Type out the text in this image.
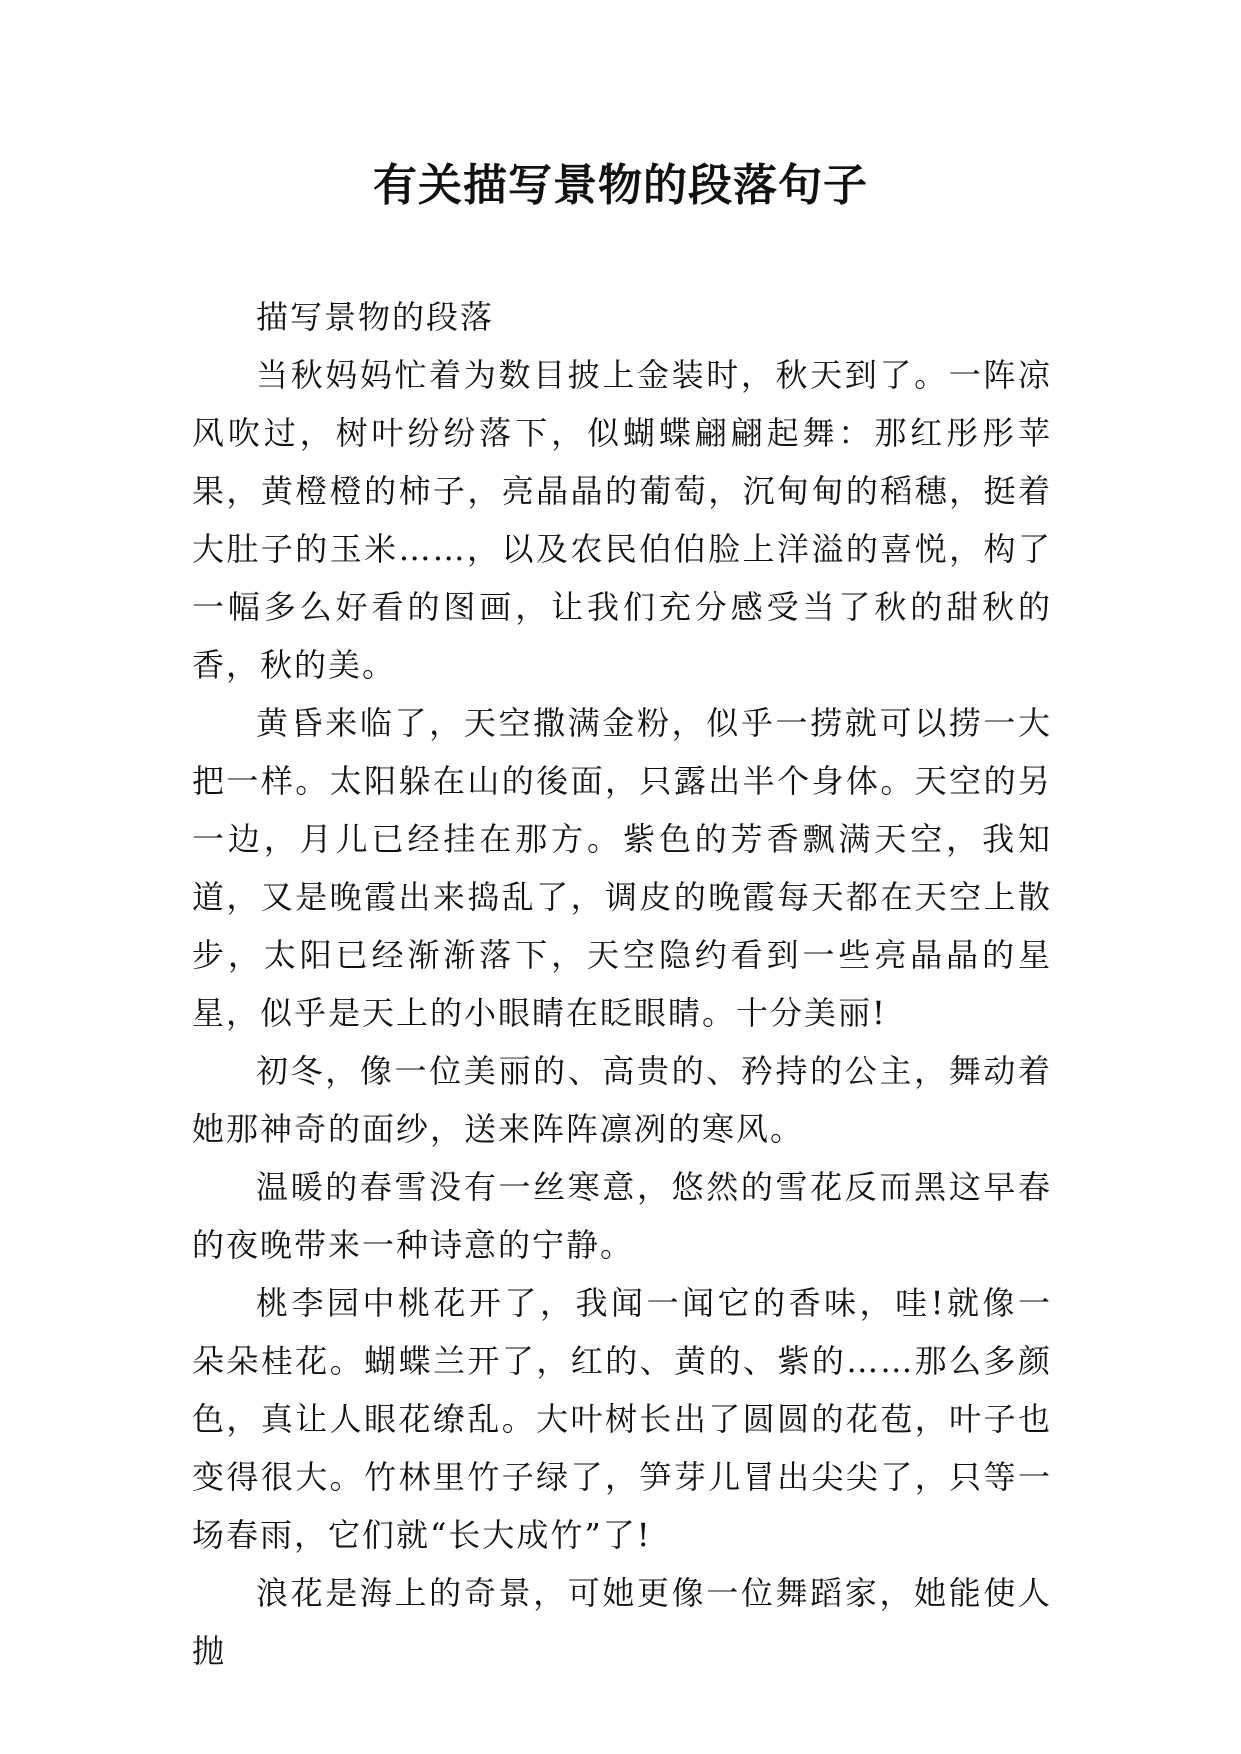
有关描写景物的段落句子

描写景物的段落

当秋妈妈忙着为数目披上金装时，秋天到了。一阵凉风吹过，树叶纷纷落下，似蝴蝶翩翩起舞：那红彤彤苹果，黄橙橙的柿子，亮晶晶的葡萄，沉甸甸的稻穗，挺着大肚子的玉米……，以及农民伯伯脸上洋溢的喜悦，构了一幅多么好看的图画，让我们充分感受当了秋的甜秋的香，秋的美。

黄昏来临了，天空撒满金粉，似乎一捞就可以捞一大把一样。太阳躲在山的後面，只露出半个身体。天空的另一边，月儿已经挂在那方。紫色的芳香飘满天空，我知道，又是晚霞出来捣乱了，调皮的晚霞每天都在天空上散步，太阳已经渐渐落下，天空隐约看到一些亮晶晶的星星，似乎是天上的小眼睛在眨眼睛。十分美丽!

初冬，像一位美丽的、高贵的、矜持的公主，舞动着她那神奇的面纱，送来阵阵凛冽的寒风。

温暖的春雪没有一丝寒意，悠然的雪花反而黑这早春的夜晚带来一种诗意的宁静。

桃李园中桃花开了，我闻一闻它的香味，哇!就像一朵朵桂花。蝴蝶兰开了，红的、黄的、紫的……那么多颜色，真让人眼花缭乱。大叶树长出了圆圆的花苞，叶子也变得很大。竹林里竹子绿了，笋芽儿冒出尖尖了，只等一场春雨，它们就“长大成竹”了!

浪花是海上的奇景，可她更像一位舞蹈家，她能使人抛
